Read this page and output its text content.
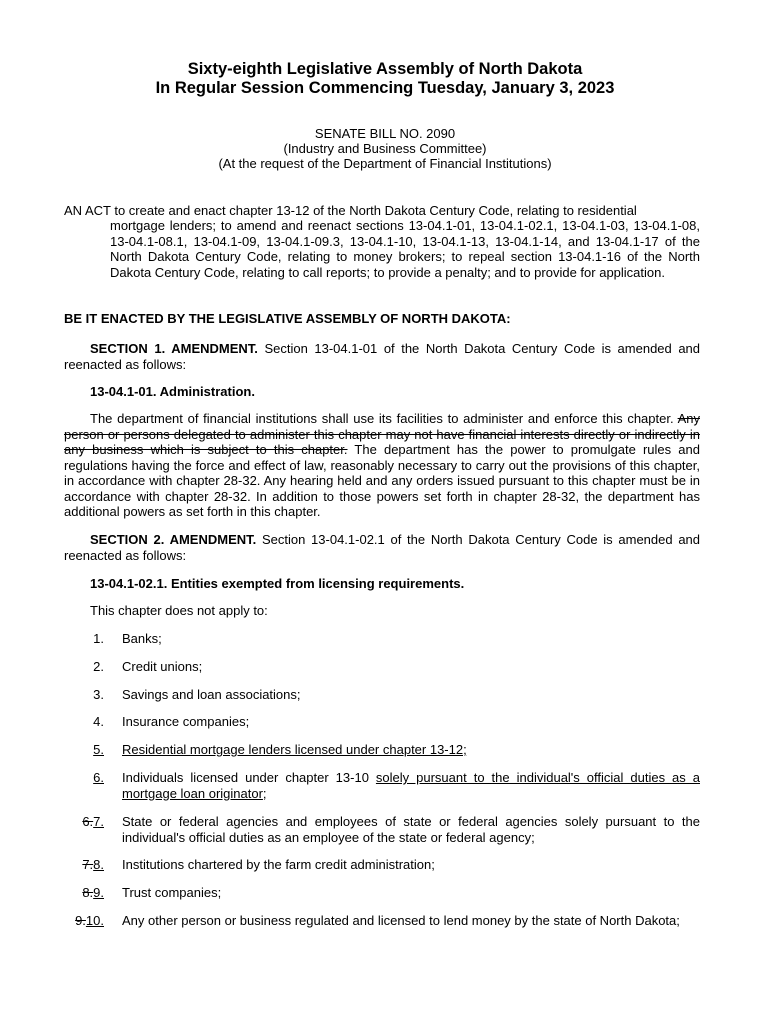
Sixty-eighth Legislative Assembly of North Dakota
In Regular Session Commencing Tuesday, January 3, 2023
SENATE BILL NO. 2090
(Industry and Business Committee)
(At the request of the Department of Financial Institutions)
AN ACT to create and enact chapter 13-12 of the North Dakota Century Code, relating to residential
mortgage lenders; to amend and reenact sections 13-04.1-01, 13-04.1-02.1, 13-04.1-03, 13-04.1-08, 13-04.1-08.1, 13-04.1-09, 13-04.1-09.3, 13-04.1-10, 13-04.1-13, 13-04.1-14, and 13-04.1-17 of the North Dakota Century Code, relating to money brokers; to repeal section 13-04.1-16 of the North Dakota Century Code, relating to call reports; to provide a penalty; and to provide for application.
BE IT ENACTED BY THE LEGISLATIVE ASSEMBLY OF NORTH DAKOTA:
SECTION 1. AMENDMENT. Section 13-04.1-01 of the North Dakota Century Code is amended and reenacted as follows:
13-04.1-01. Administration.
The department of financial institutions shall use its facilities to administer and enforce this chapter. Any person or persons delegated to administer this chapter may not have financial interests directly or indirectly in any business which is subject to this chapter. The department has the power to promulgate rules and regulations having the force and effect of law, reasonably necessary to carry out the provisions of this chapter, in accordance with chapter 28-32. Any hearing held and any orders issued pursuant to this chapter must be in accordance with chapter 28-32. In addition to those powers set forth in chapter 28-32, the department has additional powers as set forth in this chapter.
SECTION 2. AMENDMENT. Section 13-04.1-02.1 of the North Dakota Century Code is amended and reenacted as follows:
13-04.1-02.1. Entities exempted from licensing requirements.
This chapter does not apply to:
1. Banks;
2. Credit unions;
3. Savings and loan associations;
4. Insurance companies;
5. Residential mortgage lenders licensed under chapter 13-12;
6. Individuals licensed under chapter 13-10 solely pursuant to the individual's official duties as a mortgage loan originator;
6.7. State or federal agencies and employees of state or federal agencies solely pursuant to the individual's official duties as an employee of the state or federal agency;
7.8. Institutions chartered by the farm credit administration;
8.9. Trust companies;
9.10. Any other person or business regulated and licensed to lend money by the state of North Dakota;
